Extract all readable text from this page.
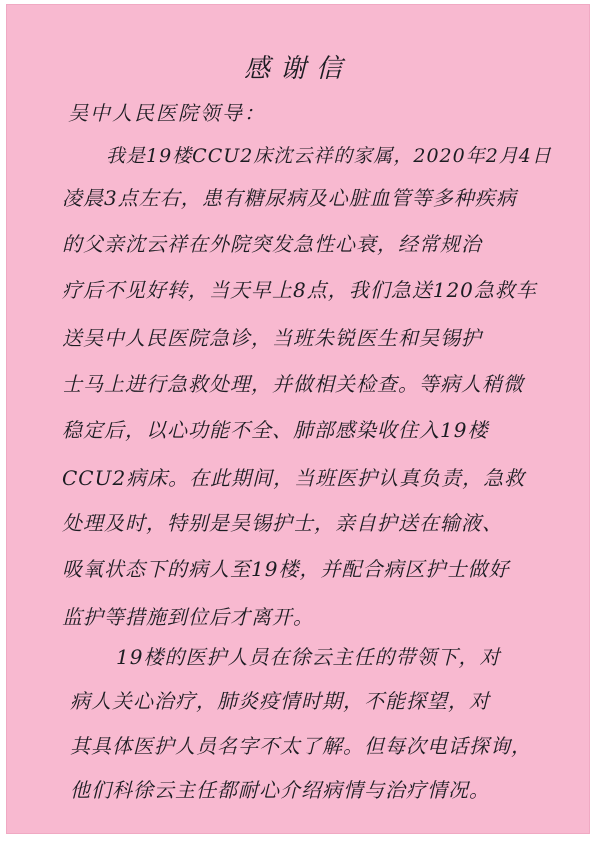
感谢信
吴中人民医院领导：
我是19楼CCU2床沈云祥的家属，2020年2月4日
凌晨3点左右，患有糖尿病及心脏血管等多种疾病
的父亲沈云祥在外院突发急性心衰，经常规治
疗后不见好转，当天早上8点，我们急送120急救车
送吴中人民医院急诊，当班朱锐医生和吴锡护
士马上进行急救处理，并做相关检查。等病人稍微
稳定后，以心功能不全、肺部感染收住入19楼
CCU2病床。在此期间，当班医护认真负责，急救
处理及时，特别是吴锡护士，亲自护送在输液、
吸氧状态下的病人至19楼，并配合病区护士做好
监护等措施到位后才离开。
19楼的医护人员在徐云主任的带领下，对
病人关心治疗，肺炎疫情时期，不能探望，对
其具体医护人员名字不太了解。但每次电话探询，
他们科徐云主任都耐心介绍病情与治疗情况。
